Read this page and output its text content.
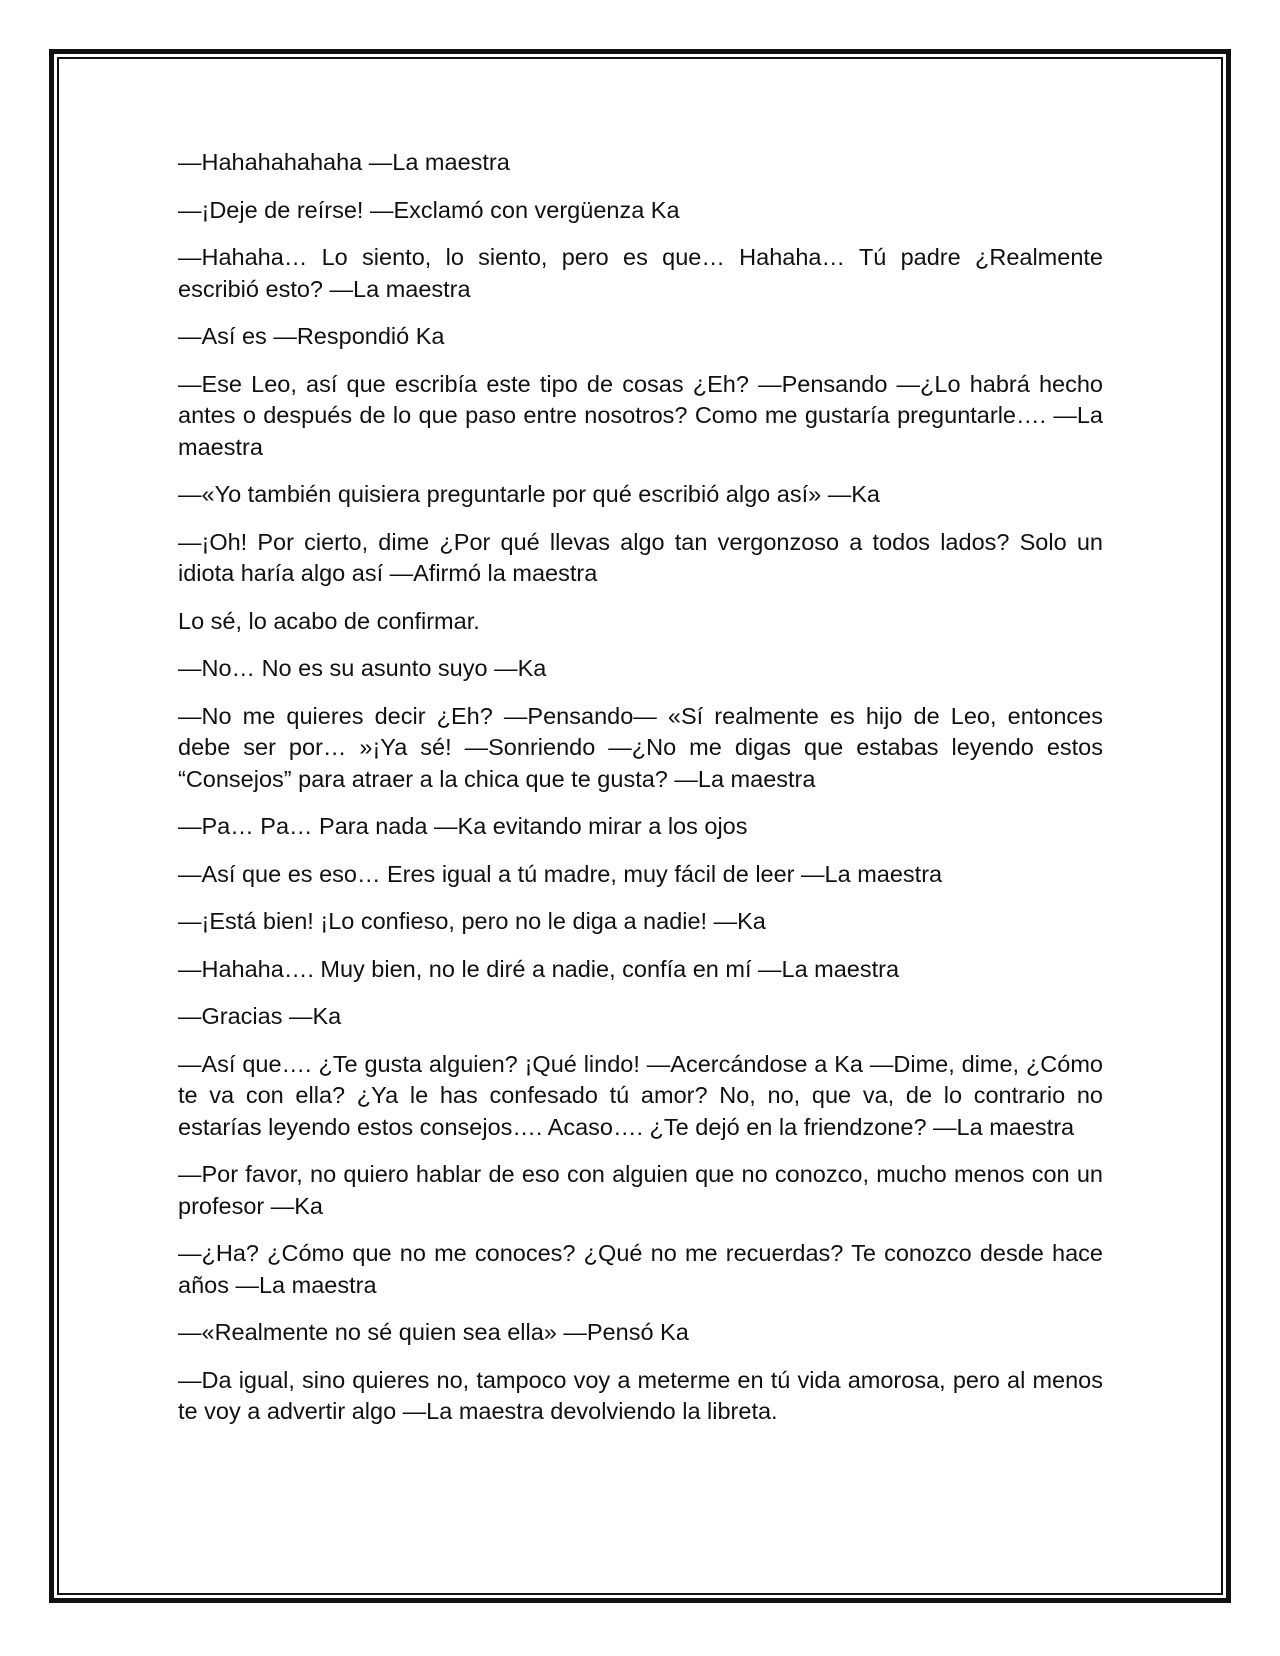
—Hahahahahaha —La maestra

—¡Deje de reírse! —Exclamó con vergüenza Ka

—Hahaha… Lo siento, lo siento, pero es que… Hahaha… Tú padre ¿Realmente escribió esto? —La maestra

—Así es —Respondió Ka

—Ese Leo, así que escribía este tipo de cosas ¿Eh? —Pensando —¿Lo habrá hecho antes o después de lo que paso entre nosotros? Como me gustaría preguntarle…. —La maestra

—«Yo también quisiera preguntarle por qué escribió algo así» —Ka

—¡Oh! Por cierto, dime ¿Por qué llevas algo tan vergonzoso a todos lados? Solo un idiota haría algo así —Afirmó la maestra

Lo sé, lo acabo de confirmar.

—No… No es su asunto suyo —Ka

—No me quieres decir ¿Eh? —Pensando— «Sí realmente es hijo de Leo, entonces debe ser por… »¡Ya sé! —Sonriendo —¿No me digas que estabas leyendo estos “Consejos” para atraer a la chica que te gusta? —La maestra

—Pa… Pa… Para nada —Ka evitando mirar a los ojos

—Así que es eso… Eres igual a tú madre, muy fácil de leer —La maestra

—¡Está bien! ¡Lo confieso, pero no le diga a nadie! —Ka

—Hahaha…. Muy bien, no le diré a nadie, confía en mí —La maestra

—Gracias —Ka

—Así que…. ¿Te gusta alguien? ¡Qué lindo! —Acercándose a Ka —Dime, dime, ¿Cómo te va con ella? ¿Ya le has confesado tú amor? No, no, que va, de lo contrario no estarías leyendo estos consejos…. Acaso…. ¿Te dejó en la friendzone? —La maestra

—Por favor, no quiero hablar de eso con alguien que no conozco, mucho menos con un profesor —Ka

—¿Ha? ¿Cómo que no me conoces? ¿Qué no me recuerdas? Te conozco desde hace años —La maestra

—«Realmente no sé quien sea ella» —Pensó Ka

—Da igual, sino quieres no, tampoco voy a meterme en tú vida amorosa, pero al menos te voy a advertir algo —La maestra devolviendo la libreta.
